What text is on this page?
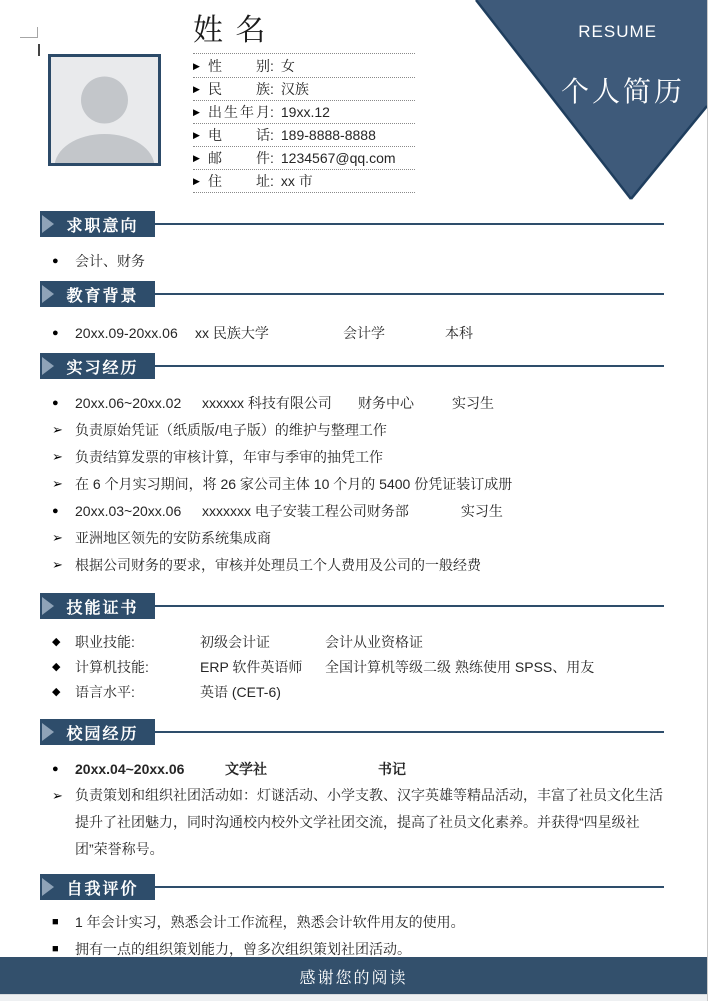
RESUME
个人简历
姓 名
▶ 性别 : 女
▶ 民族 : 汉族
▶ 出生年月 : 19xx.12
▶ 电话 : 189-8888-8888
▶ 邮件 : 1234567@qq.com
▶ 住址 : xx 市
求职意向
●	会计、财务
教育背景
●	20xx.09-20xx.06	xx 民族大学	会计学	本科
实习经历
●	20xx.06~20xx.02	xxxxxx 科技有限公司	财务中心	实习生
➢ 负责原始凭证（纸质版/电子版）的维护与整理工作
➢ 负责结算发票的审核计算，年审与季审的抽凭工作
➢ 在 6 个月实习期间，将 26 家公司主体 10 个月的 5400 份凭证装订成册
●	20xx.03~20xx.06	xxxxxxx 电子安装工程公司 财务部	实习生
➢ 亚洲地区领先的安防系统集成商
➢ 根据公司财务的要求，审核并处理员工个人费用及公司的一般经费
技能证书
◆	职业技能:	初级会计证	会计从业资格证
◆	计算机技能:	ERP 软件英语师	全国计算机等级二级 熟练使用 SPSS、用友
◆	语言水平:	英语 (CET-6)
校园经历
●	20xx.04~20xx.06	文学社	书记
➢ 负责策划和组织社团活动如：灯谜活动、小学支教、汉字英雄等精品活动，丰富了社员文化生活提升了社团魅力，同时沟通校内校外文学社团交流，提高了社员文化素养。并获得“四星级社团”荣誉称号。
自我评价
■	1 年会计实习，熟悉会计工作流程，熟悉会计软件用友的使用。
■	拥有一点的组织策划能力，曾多次组织策划社团活动。
感谢您的阅读
